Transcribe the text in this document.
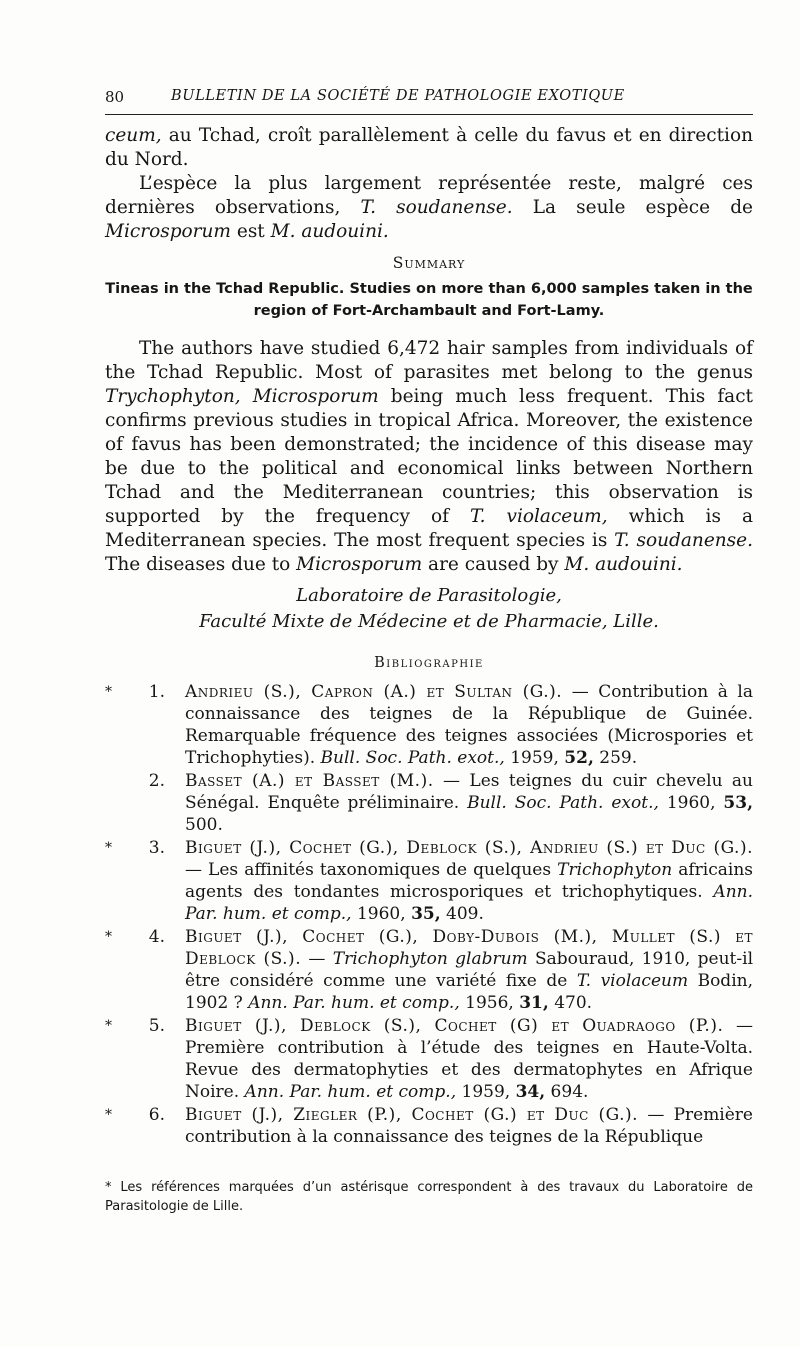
80	BULLETIN DE LA SOCIÉTÉ DE PATHOLOGIE EXOTIQUE

ceum, au Tchad, croît parallèlement à celle du favus et en direction du Nord.

L’espèce la plus largement représentée reste, malgré ces dernières observations, T. soudanense. La seule espèce de Microsporum est M. audouini.

Summary

Tineas in the Tchad Republic. Studies on more than 6,000 samples taken in the region of Fort-Archambault and Fort-Lamy.

The authors have studied 6,472 hair samples from individuals of the Tchad Republic. Most of parasites met belong to the genus Trychophyton, Microsporum being much less frequent. This fact confirms previous studies in tropical Africa. Moreover, the existence of favus has been demonstrated; the incidence of this disease may be due to the political and economical links between Northern Tchad and the Mediterranean countries; this observation is supported by the frequency of T. violaceum, which is a Mediterranean species. The most frequent species is T. soudanense. The diseases due to Microsporum are caused by M. audouini.

Laboratoire de Parasitologie,

Faculté Mixte de Médecine et de Pharmacie, Lille.

Bibliographie
* 1. Andrieu (S.), Capron (A.) et Sultan (G.). — Contribution à la connaissance des teignes de la République de Guinée. Remarquable fréquence des teignes associées (Microspories et Trichophyties). Bull. Soc. Path. exot., 1959, 52, 259.
2. Basset (A.) et Basset (M.). — Les teignes du cuir chevelu au Sénégal. Enquête préliminaire. Bull. Soc. Path. exot., 1960, 53, 500.
* 3. Biguet (J.), Cochet (G.), Deblock (S.), Andrieu (S.) et Duc (G.). — Les affinités taxonomiques de quelques Trichophyton africains agents des tondantes microsporiques et trichophytiques. Ann. Par. hum. et comp., 1960, 35, 409.
* 4. Biguet (J.), Cochet (G.), Doby-Dubois (M.), Mullet (S.) et Deblock (S.). — Trichophyton glabrum Sabouraud, 1910, peut-il être considéré comme une variété fixe de T. violaceum Bodin, 1902 ? Ann. Par. hum. et comp., 1956, 31, 470.
* 5. Biguet (J.), Deblock (S.), Cochet (G) et Ouadraogo (P.). — Première contribution à l’étude des teignes en Haute-Volta. Revue des dermatophyties et des dermatophytes en Afrique Noire. Ann. Par. hum. et comp., 1959, 34, 694.
* 6. Biguet (J.), Ziegler (P.), Cochet (G.) et Duc (G.). — Première contribution à la connaissance des teignes de la République

* Les références marquées d’un astérisque correspondent à des travaux du Laboratoire de Parasitologie de Lille.
